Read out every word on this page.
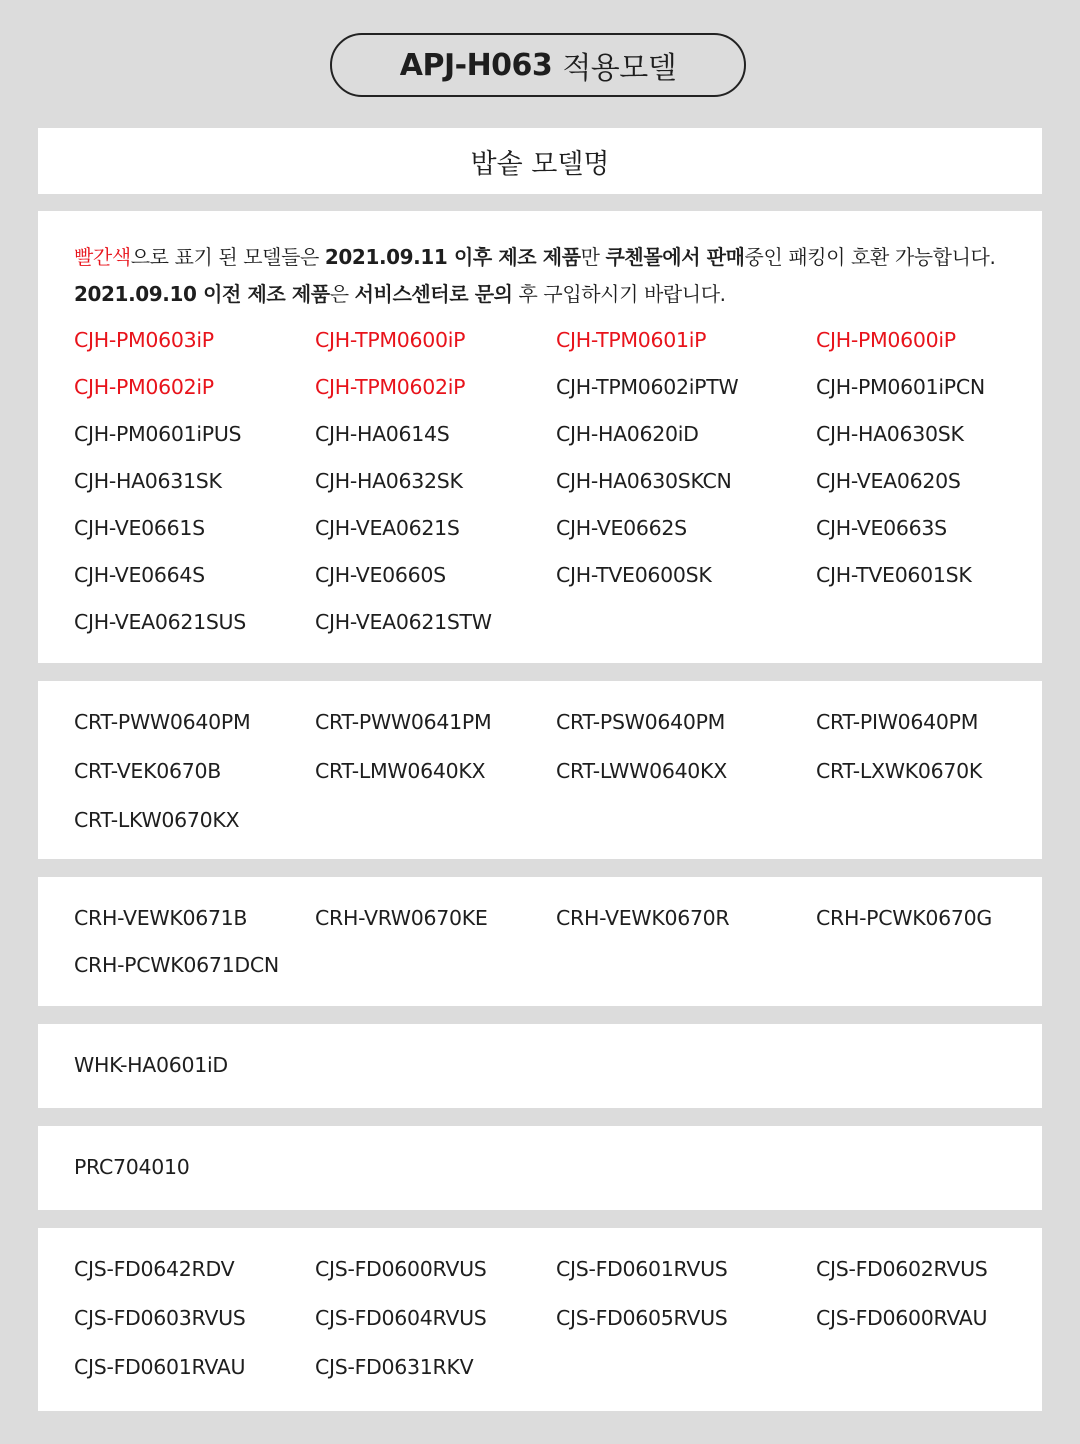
APJ-H063 적용모델
밥솥 모델명
빨간색으로 표기 된 모델들은 2021.09.11 이후 제조 제품만 쿠첸몰에서 판매중인 패킹이 호환 가능합니다.
2021.09.10 이전 제조 제품은 서비스센터로 문의 후 구입하시기 바랍니다.
CJH-PM0603iP	CJH-TPM0600iP	CJH-TPM0601iP	CJH-PM0600iP
CJH-PM0602iP	CJH-TPM0602iP	CJH-TPM0602iPTW	CJH-PM0601iPCN
CJH-PM0601iPUS	CJH-HA0614S	CJH-HA0620iD	CJH-HA0630SK
CJH-HA0631SK	CJH-HA0632SK	CJH-HA0630SKCN	CJH-VEA0620S
CJH-VE0661S	CJH-VEA0621S	CJH-VE0662S	CJH-VE0663S
CJH-VE0664S	CJH-VE0660S	CJH-TVE0600SK	CJH-TVE0601SK
CJH-VEA0621SUS	CJH-VEA0621STW
CRT-PWW0640PM	CRT-PWW0641PM	CRT-PSW0640PM	CRT-PIW0640PM
CRT-VEK0670B	CRT-LMW0640KX	CRT-LWW0640KX	CRT-LXWK0670K
CRT-LKW0670KX
CRH-VEWK0671B	CRH-VRW0670KE	CRH-VEWK0670R	CRH-PCWK0670G
CRH-PCWK0671DCN
WHK-HA0601iD
PRC704010
CJS-FD0642RDV	CJS-FD0600RVUS	CJS-FD0601RVUS	CJS-FD0602RVUS
CJS-FD0603RVUS	CJS-FD0604RVUS	CJS-FD0605RVUS	CJS-FD0600RVAU
CJS-FD0601RVAU	CJS-FD0631RKV
